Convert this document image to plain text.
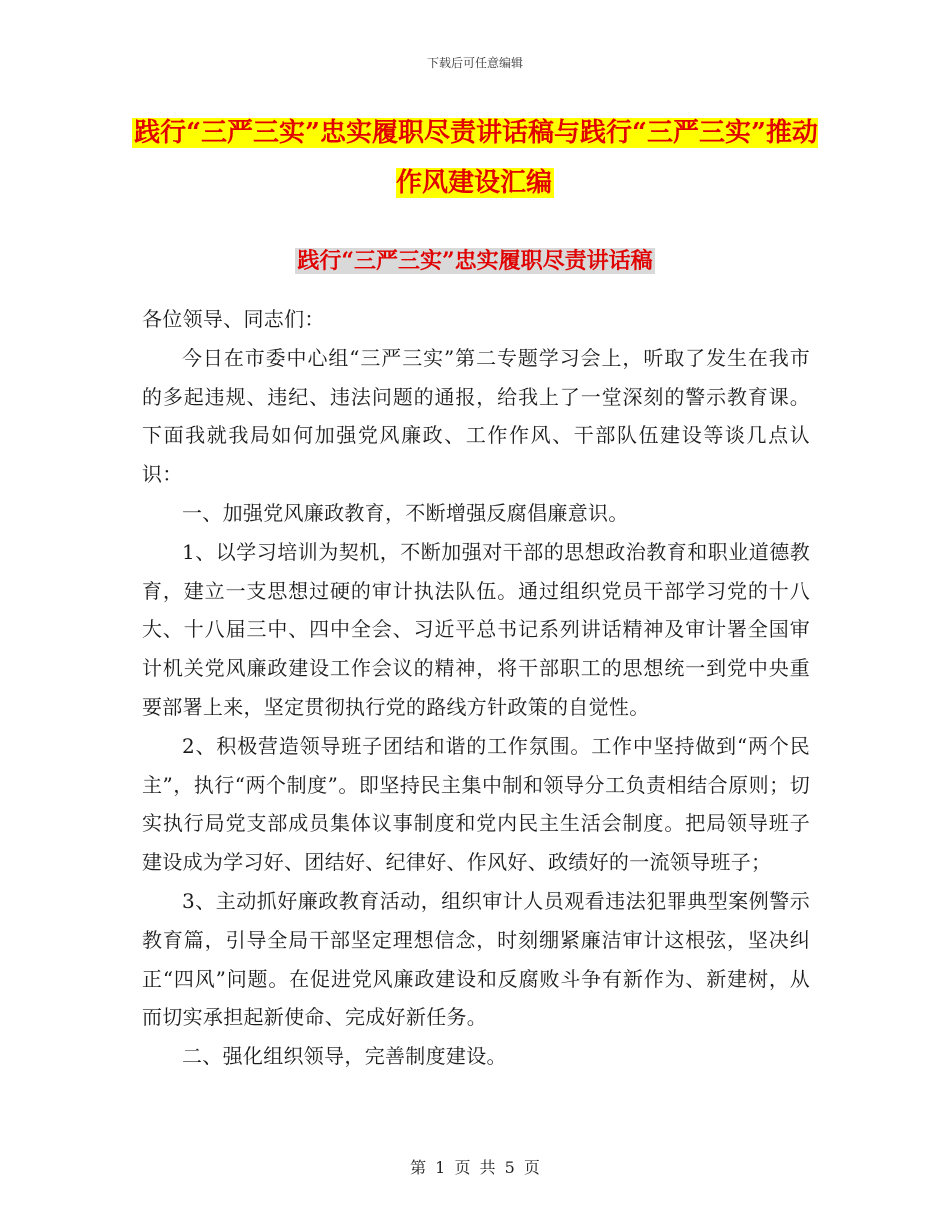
下载后可任意编辑
践行“三严三实”忠实履职尽责讲话稿与践行“三严三实”推动作风建设汇编
践行“三严三实”忠实履职尽责讲话稿

各位领导、同志们：

今日在市委中心组“三严三实”第二专题学习会上，听取了发生在我市的多起违规、违纪、违法问题的通报，给我上了一堂深刻的警示教育课。下面我就我局如何加强党风廉政、工作作风、干部队伍建设等谈几点认识：

一、加强党风廉政教育，不断增强反腐倡廉意识。

1、以学习培训为契机，不断加强对干部的思想政治教育和职业道德教育，建立一支思想过硬的审计执法队伍。通过组织党员干部学习党的十八大、十八届三中、四中全会、习近平总书记系列讲话精神及审计署全国审计机关党风廉政建设工作会议的精神，将干部职工的思想统一到党中央重要部署上来，坚定贯彻执行党的路线方针政策的自觉性。

2、积极营造领导班子团结和谐的工作氛围。工作中坚持做到“两个民主”，执行“两个制度”。即坚持民主集中制和领导分工负责相结合原则；切实执行局党支部成员集体议事制度和党内民主生活会制度。把局领导班子建设成为学习好、团结好、纪律好、作风好、政绩好的一流领导班子；

3、主动抓好廉政教育活动，组织审计人员观看违法犯罪典型案例警示教育篇，引导全局干部坚定理想信念，时刻绷紧廉洁审计这根弦，坚决纠正“四风”问题。在促进党风廉政建设和反腐败斗争有新作为、新建树，从而切实承担起新使命、完成好新任务。

二、强化组织领导，完善制度建设。

第 1 页 共 5 页
